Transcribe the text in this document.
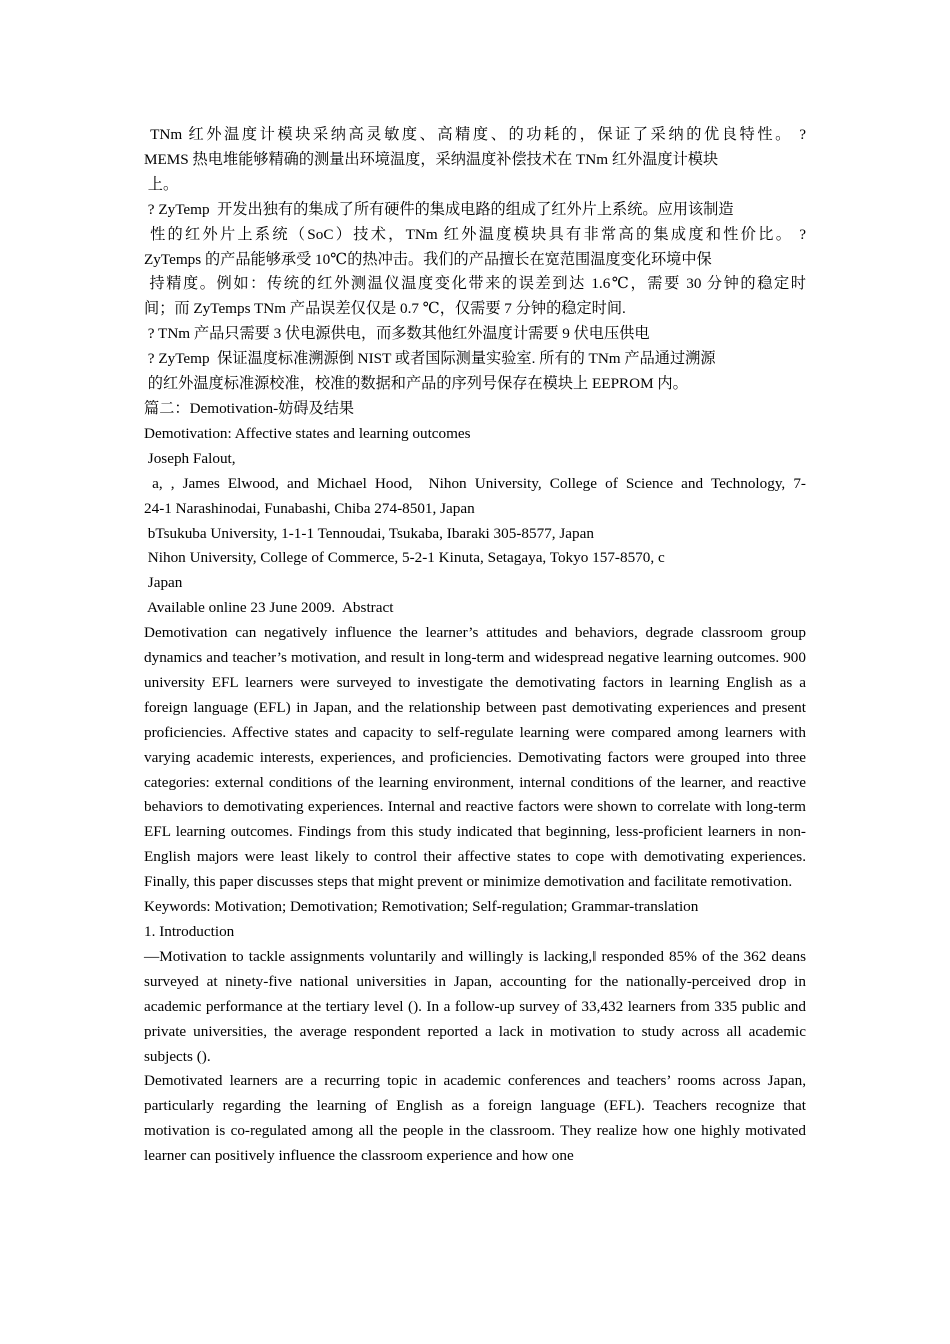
TNm 红外温度计模块采纳高灵敏度、高精度、的功耗的，保证了采纳的优良特性。 ?
MEMS 热电堆能够精确的测量出环境温度，采纳温度补偿技术在 TNm 红外温度计模块
上。
? ZyTemp  开发出独有的集成了所有硬件的集成电路的组成了红外片上系统。应用该制造
性的红外片上系统（SoC）技术，TNm 红外温度模块具有非常高的集成度和性价比。 ?
ZyTemps 的产品能够承受 10℃的热冲击。我们的产品擅长在宽范围温度变化环境中保
持精度。例如：传统的红外测温仪温度变化带来的误差到达 1.6℃，需要 30 分钟的稳定时
间；而 ZyTemps TNm 产品误差仅仅是 0.7 ℃，仅需要 7 分钟的稳定时间.
? TNm 产品只需要 3 伏电源供电，而多数其他红外温度计需要 9 伏电压供电
? ZyTemp  保证温度标准溯源倒 NIST 或者国际测量实验室. 所有的 TNm 产品通过溯源
的红外温度标准源校准，校准的数据和产品的序列号保存在模块上 EEPROM 内。
篇二：Demotivation-妨碍及结果
Demotivation: Affective states and learning outcomes
Joseph Falout,
a, , James Elwood, and Michael Hood,  Nihon University, College of Science and Technology, 7-
24-1 Narashinodai, Funabashi, Chiba 274-8501, Japan
bTsukuba University, 1-1-1 Tennoudai, Tsukaba, Ibaraki 305-8577, Japan
Nihon University, College of Commerce, 5-2-1 Kinuta, Setagaya, Tokyo 157-8570, c
Japan
Available online 23 June 2009.  Abstract

Demotivation can negatively influence the learner’s attitudes and behaviors, degrade classroom group dynamics and teacher’s motivation, and result in long-term and widespread negative learning outcomes. 900 university EFL learners were surveyed to investigate the demotivating factors in learning English as a foreign language (EFL) in Japan, and the relationship between past demotivating experiences and present proficiencies. Affective states and capacity to self-regulate learning were compared among learners with varying academic interests, experiences, and proficiencies. Demotivating factors were grouped into three categories: external conditions of the learning environment, internal conditions of the learner, and reactive behaviors to demotivating experiences. Internal and reactive factors were shown to correlate with long-term EFL learning outcomes. Findings from this study indicated that beginning, less-proficient learners in non-English majors were least likely to control their affective states to cope with demotivating experiences. Finally, this paper discusses steps that might prevent or minimize demotivation and facilitate remotivation.

Keywords: Motivation; Demotivation; Remotivation; Self-regulation; Grammar-translation

1. Introduction

—Motivation to tackle assignments voluntarily and willingly is lacking,‖ responded 85% of the 362 deans surveyed at ninety-five national universities in Japan, accounting for the nationally-perceived drop in academic performance at the tertiary level (). In a follow-up survey of 33,432 learners from 335 public and private universities, the average respondent reported a lack in motivation to study across all academic subjects ().

Demotivated learners are a recurring topic in academic conferences and teachers’ rooms across Japan, particularly regarding the learning of English as a foreign language (EFL). Teachers recognize that motivation is co-regulated among all the people in the classroom. They realize how one highly motivated learner can positively influence the classroom experience and how one
